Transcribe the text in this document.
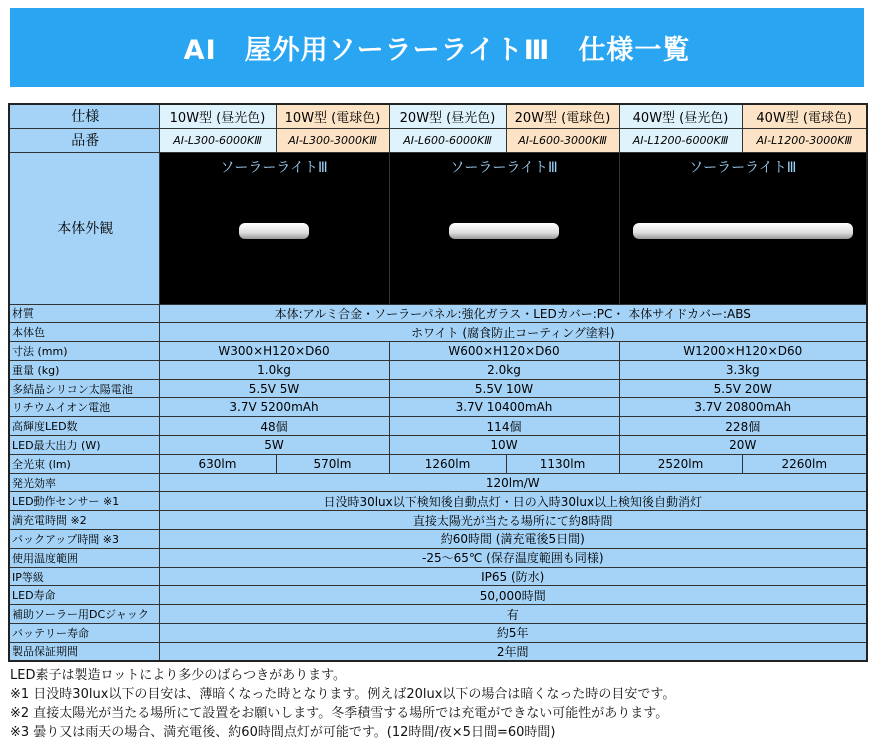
AI　屋外用ソーラーライトⅢ　仕様一覧
仕様	10W型 (昼光色)	10W型 (電球色)	20W型 (昼光色)	20W型 (電球色)	40W型 (昼光色)	40W型 (電球色)
品番	AI-L300-6000KⅢ	AI-L300-3000KⅢ	AI-L600-6000KⅢ	AI-L600-3000KⅢ	AI-L1200-6000KⅢ	AI-L1200-3000KⅢ
本体外観	ソーラーライトⅢ		ソーラーライトⅢ		ソーラーライトⅢ	

材質	本体:アルミ合金・ソーラーパネル:強化ガラス・LEDカバー:PC・ 本体サイドカバー:ABS					
本体色	ホワイト (腐食防止コーティング塗料)					
寸法 (mm)	W300×H120×D60		W600×H120×D60		W1200×H120×D60	
重量 (kg)	1.0kg		2.0kg		3.3kg	
多結晶シリコン太陽電池	5.5V 5W		5.5V 10W		5.5V 20W	
リチウムイオン電池	3.7V 5200mAh		3.7V 10400mAh		3.7V 20800mAh	
高輝度LED数	48個		114個		228個	
LED最大出力 (W)	5W		10W		20W	
全光束 (lm)	630lm	570lm	1260lm	1130lm	2520lm	2260lm
発光効率	120lm/W					
LED動作センサー ※1	日没時30lux以下検知後自動点灯・日の入時30lux以上検知後自動消灯					
満充電時間 ※2	直接太陽光が当たる場所にて約8時間					
バックアップ時間 ※3	約60時間 (満充電後5日間)					
使用温度範囲	-25～65℃ (保存温度範囲も同様)					
IP等級	IP65 (防水)					
LED寿命	50,000時間					
補助ソーラー用DCジャック	有					
バッテリー寿命	約5年					
製品保証期間	2年間					
LED素子は製造ロットにより多少のばらつきがあります。
※1 日没時30lux以下の目安は、薄暗くなった時となります。例えば20lux以下の場合は暗くなった時の目安です。
※2 直接太陽光が当たる場所にて設置をお願いします。冬季積雪する場所では充電ができない可能性があります。
※3 曇り又は雨天の場合、満充電後、約60時間点灯が可能です。(12時間/夜×5日間=60時間)
